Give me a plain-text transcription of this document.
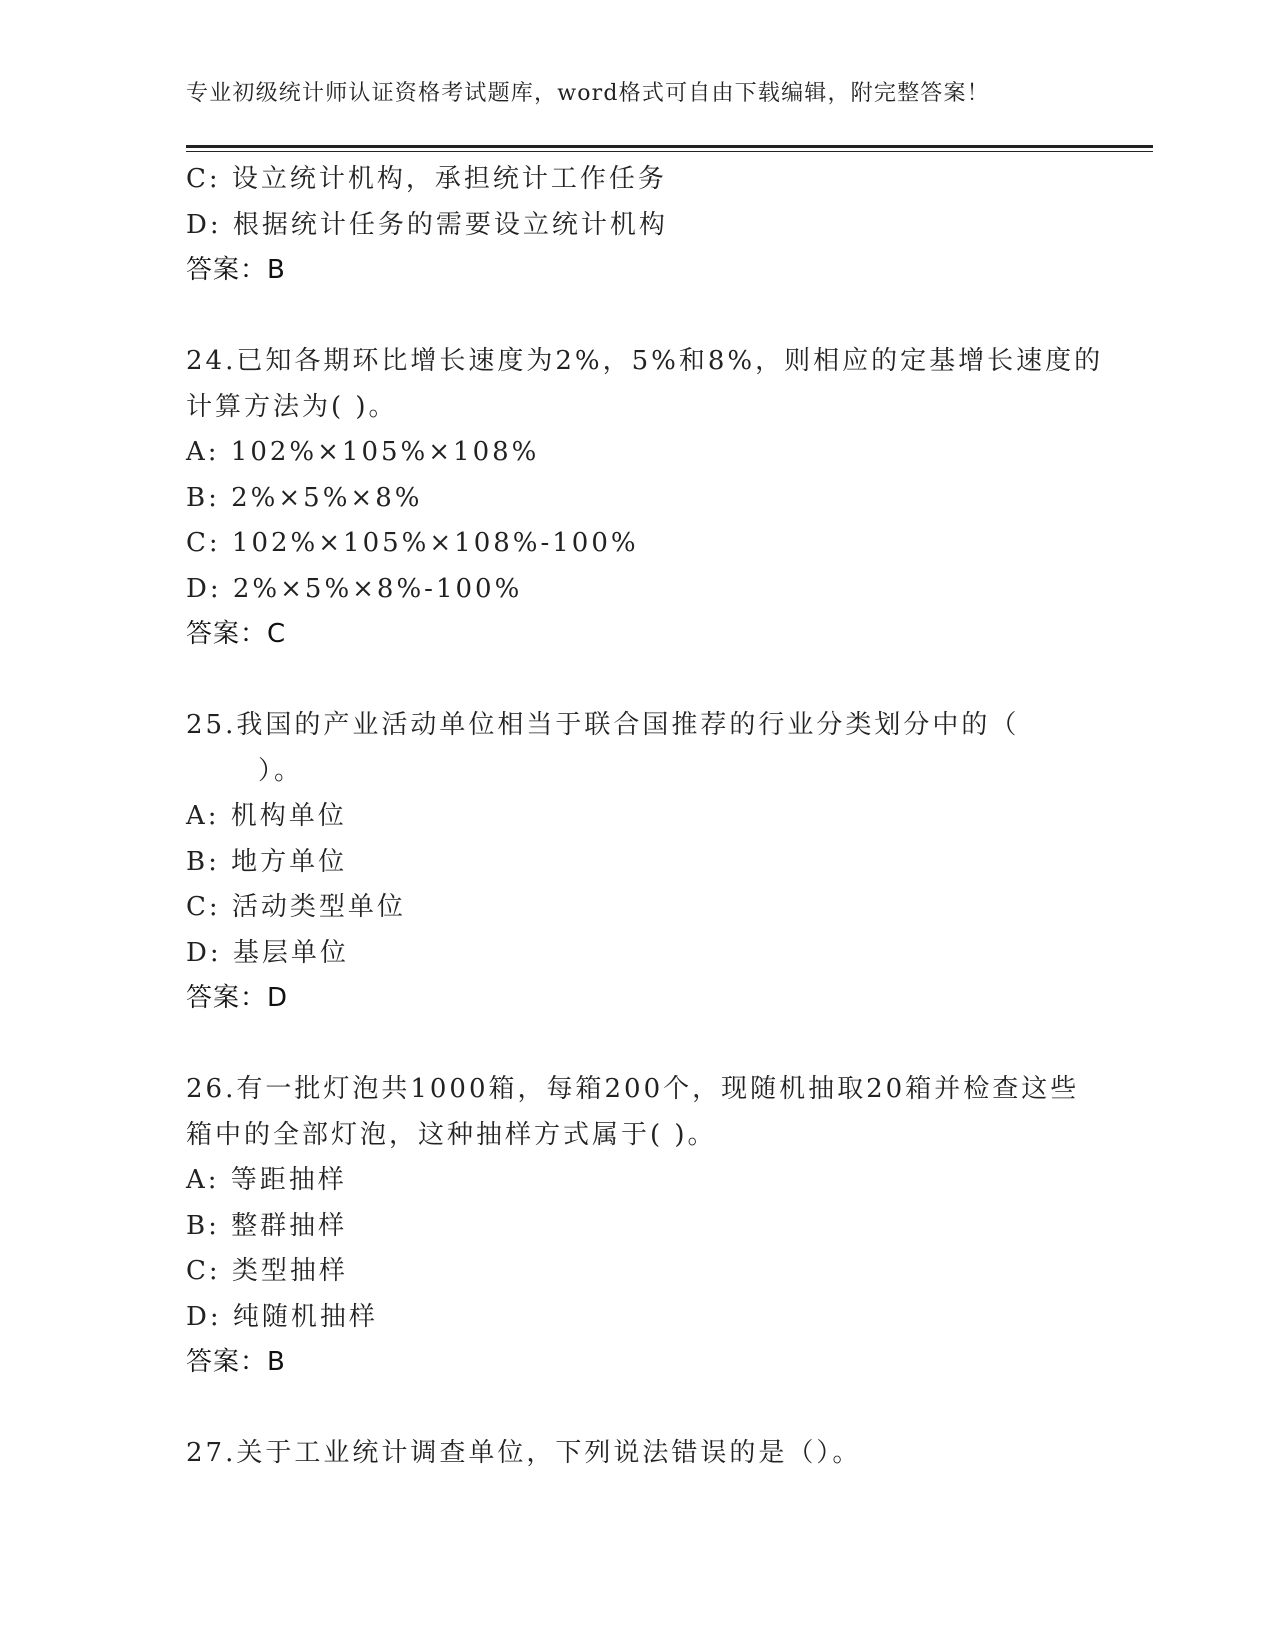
专业初级统计师认证资格考试题库，word格式可自由下载编辑，附完整答案！
C: 设立统计机构，承担统计工作任务
D: 根据统计任务的需要设立统计机构
答案：B
24.已知各期环比增长速度为2%，5%和8%，则相应的定基增长速度的
计算方法为( )。
A: 102%×105%×108%
B: 2%×5%×8%
C: 102%×105%×108%-100%
D: 2%×5%×8%-100%
答案：C
25.我国的产业活动单位相当于联合国推荐的行业分类划分中的（
）。
A: 机构单位
B: 地方单位
C: 活动类型单位
D: 基层单位
答案：D
26.有一批灯泡共1000箱，每箱200个，现随机抽取20箱并检查这些
箱中的全部灯泡，这种抽样方式属于( )。
A: 等距抽样
B: 整群抽样
C: 类型抽样
D: 纯随机抽样
答案：B
27.关于工业统计调查单位，下列说法错误的是（）。
